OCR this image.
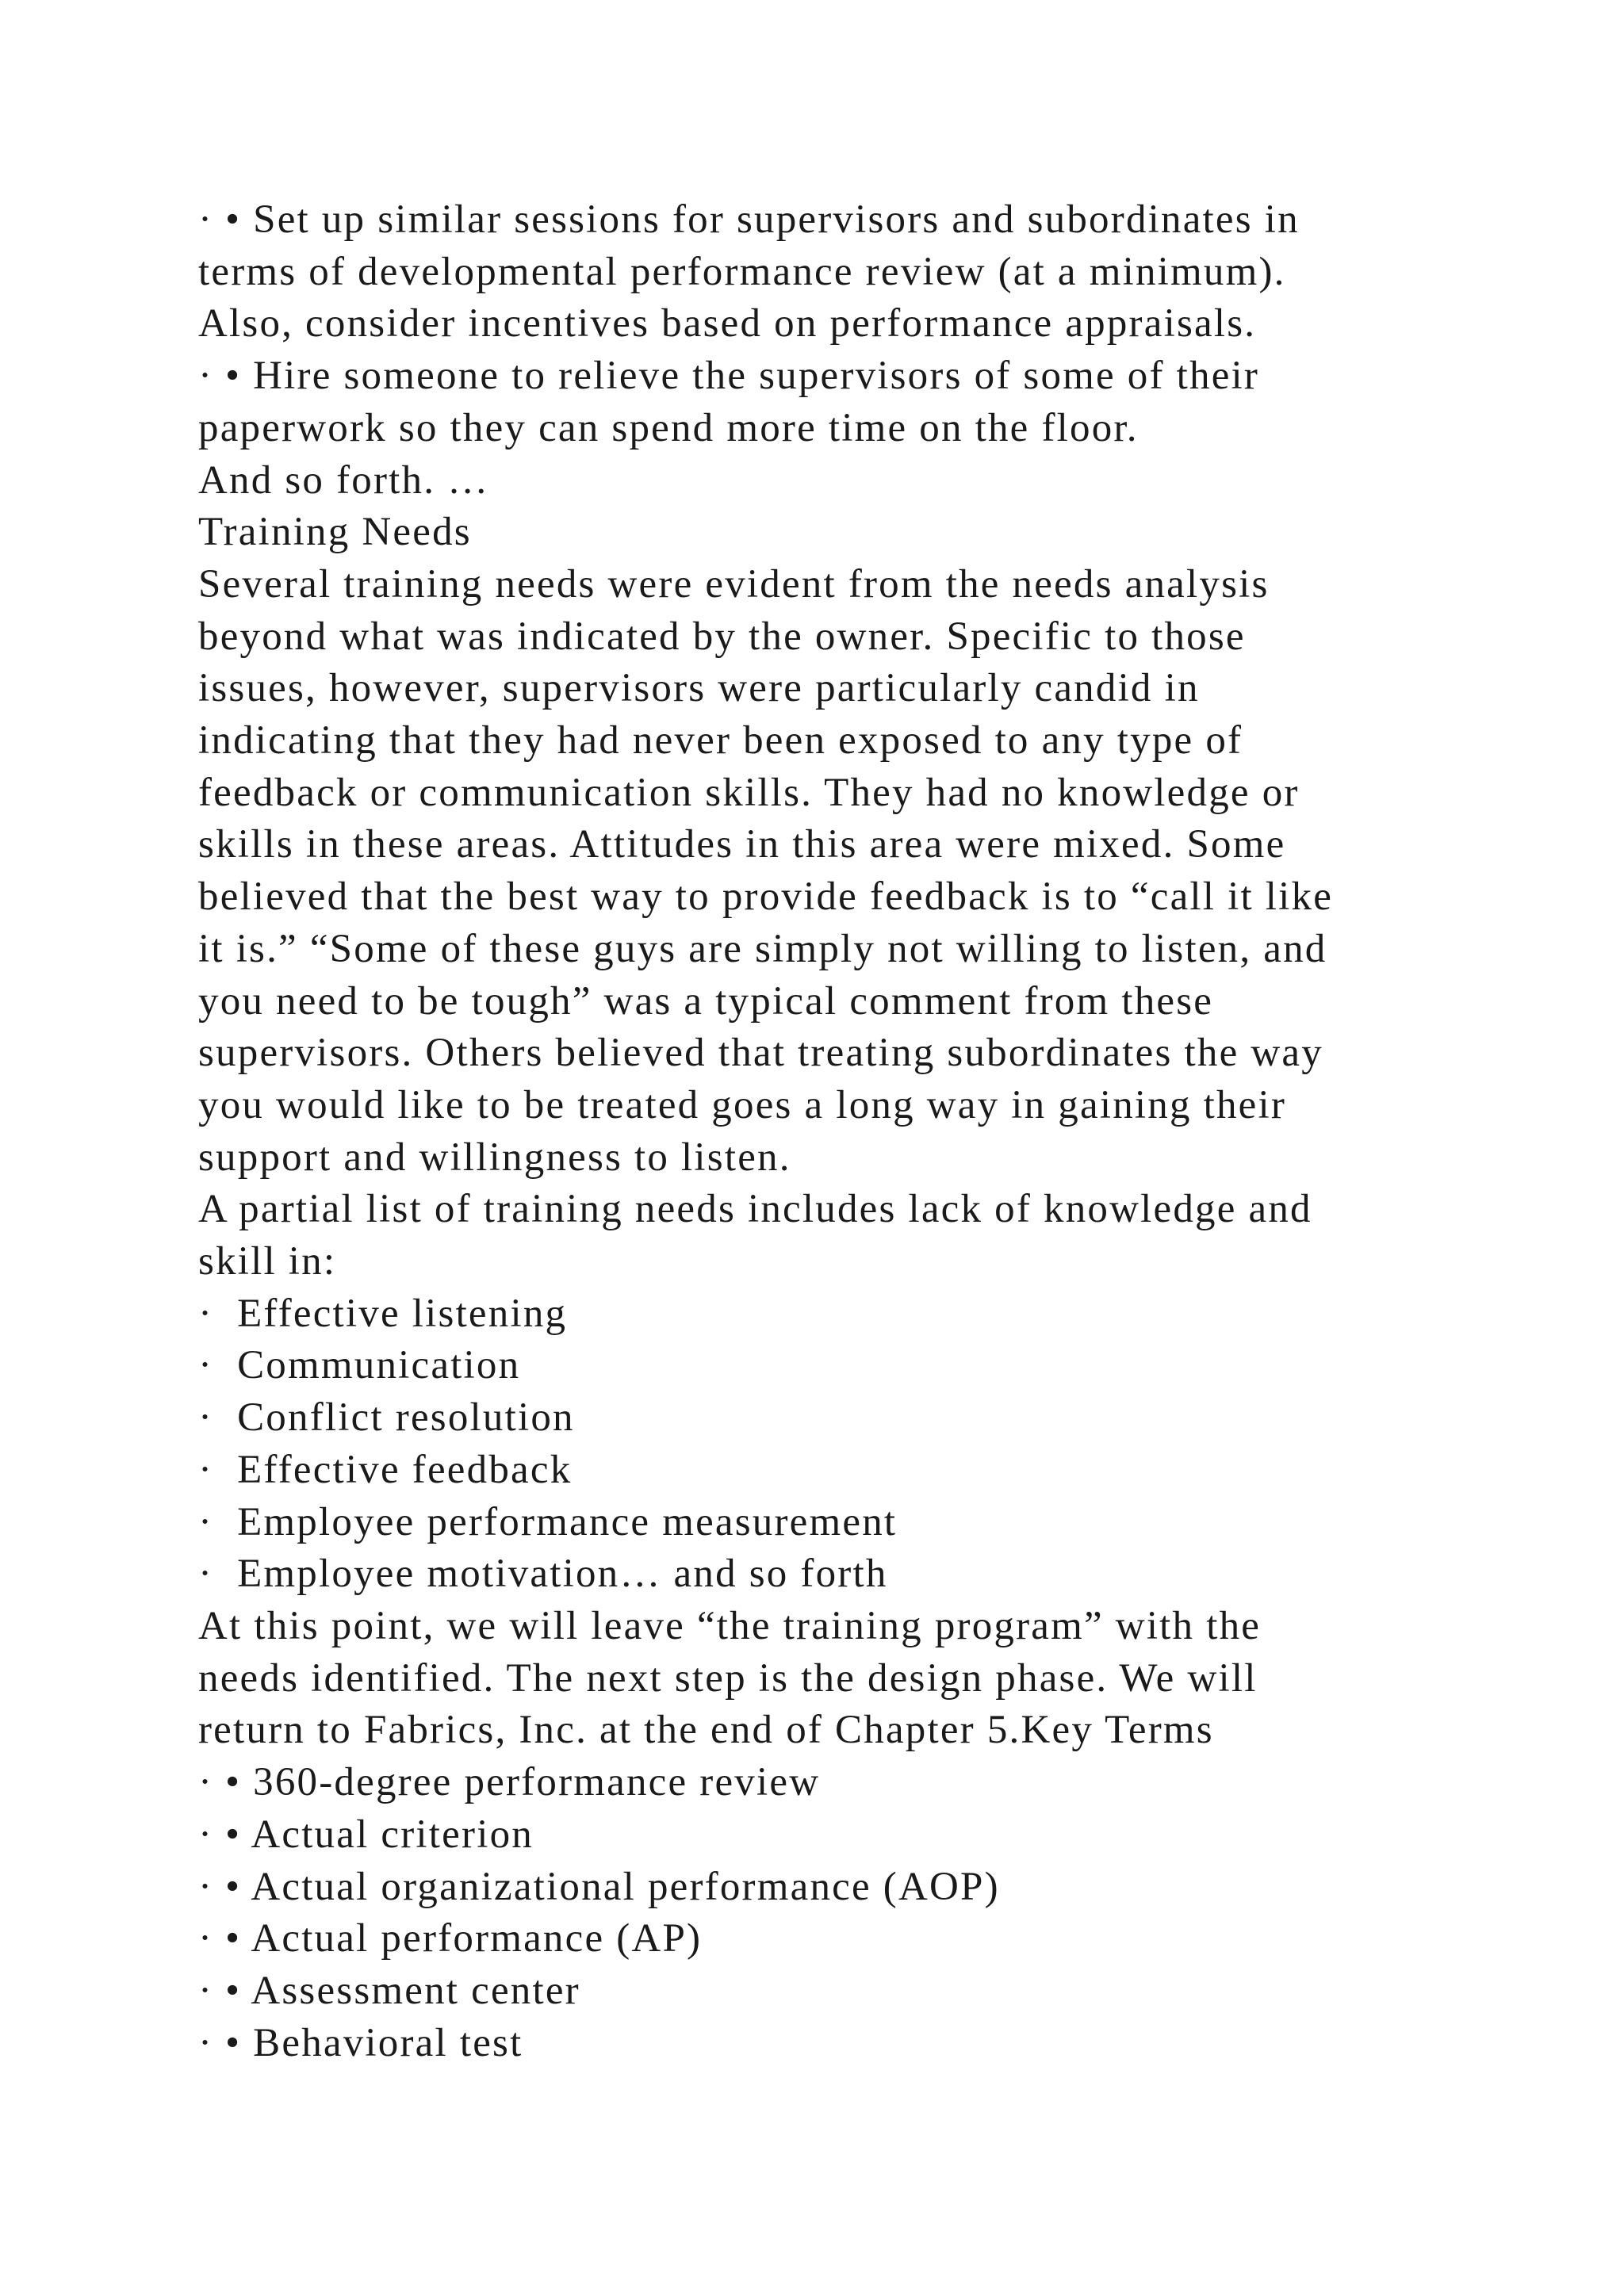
· • Set up similar sessions for supervisors and subordinates in
terms of developmental performance review (at a minimum).
Also, consider incentives based on performance appraisals.
· • Hire someone to relieve the supervisors of some of their
paperwork so they can spend more time on the floor.
And so forth. …
Training Needs
Several training needs were evident from the needs analysis
beyond what was indicated by the owner. Specific to those
issues, however, supervisors were particularly candid in
indicating that they had never been exposed to any type of
feedback or communication skills. They had no knowledge or
skills in these areas. Attitudes in this area were mixed. Some
believed that the best way to provide feedback is to “call it like
it is.” “Some of these guys are simply not willing to listen, and
you need to be tough” was a typical comment from these
supervisors. Others believed that treating subordinates the way
you would like to be treated goes a long way in gaining their
support and willingness to listen.
A partial list of training needs includes lack of knowledge and
skill in:
·  Effective listening
·  Communication
·  Conflict resolution
·  Effective feedback
·  Employee performance measurement
·  Employee motivation… and so forth
At this point, we will leave “the training program” with the
needs identified. The next step is the design phase. We will
return to Fabrics, Inc. at the end of Chapter 5.Key Terms
· • 360-degree performance review
· • Actual criterion
· • Actual organizational performance (AOP)
· • Actual performance (AP)
· • Assessment center
· • Behavioral test
